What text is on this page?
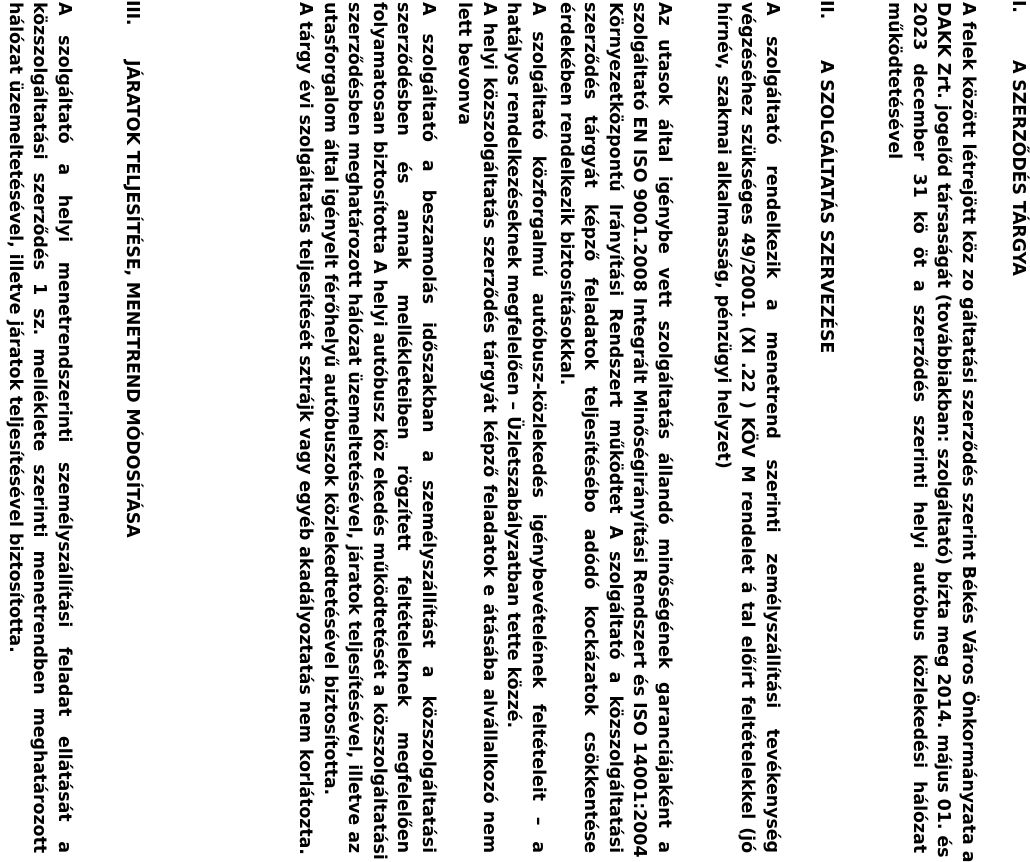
I.A SZERZŐDÉS TÁRGYA
A felek között létrejött köz zo gáltatási szerződés szerint Békés Város Önkormányzata a
DAKK Zrt. jogelőd társaságát (továbbiakban: szolgáltató) bízta meg 2014. május 01. és
2023 december 31 kö öt a szerződés szerinti helyi autóbus közlekedési hálózat
működtetésével
II.A SZOLGÁLTATÁS SZERVEZÉSE
A szolgáltató rendelkezik a menetrend szerinti zemélyszállítási tevékenység
végzéséhez szükséges 49/2001. (XI .22 ) KÖV M rendelet á tal előírt feltételekkel (jó
hírnév, szakmai alkalmasság, pénzügyi helyzet)
Az utasok által igénybe vett szolgáltatás állandó minőségének garanciájaként a
szolgáltató EN ISO 9001.2008 Integrált Minőségirányítási Rendszert és ISO 14001:2004
Környezetközpontú Irányítási Rendszert működtet A szolgáltató a közszolgáltatási
szerződés tárgyát képző feladatok teljesítésébo adódó kockázatok csökkentése
érdekében rendelkezik biztosításokkal.
A szolgáltató közforgalmú autóbusz-közlekedés igénybevételének feltételeit – a
hatályos rendelkezéseknek megfelelően – Üzletszabályzatban tette közzé.
A helyi közszolgáltatás szerződés tárgyát képző feladatok e átásába alvállalkozó nem
lett bevonva
A szolgáltató a beszamolás időszakban a személyszállítást a közszolgáltatási
szerződésben és annak mellékleteiben rögzített feltételeknek megfelelően
folyamatosan biztosította A helyi autóbusz köz ekedés működtetését a közszolgáltatási
szerződésben meghatározott hálózat üzemeltetésével, járatok teljesítésével, illetve az
utasforgalom által igényelt férőhelyű autóbuszok közlekedtetésével biztosította.
A tárgy évi szolgáltatás teljesítését sztrájk vagy egyéb akadályoztatás nem korlátozta.
III.JÁRATOK TELJESÍTÉSE, MENETREND MÓDOSÍTÁSA
A szolgáltató a helyi menetrendszerinti személyszállítási feladat ellátását a
közszolgáltatási szerződés 1 sz. melléklete szerinti menetrendben meghatározott
hálózat üzemeltetésével, illetve járatok teljesítésével biztosította.
